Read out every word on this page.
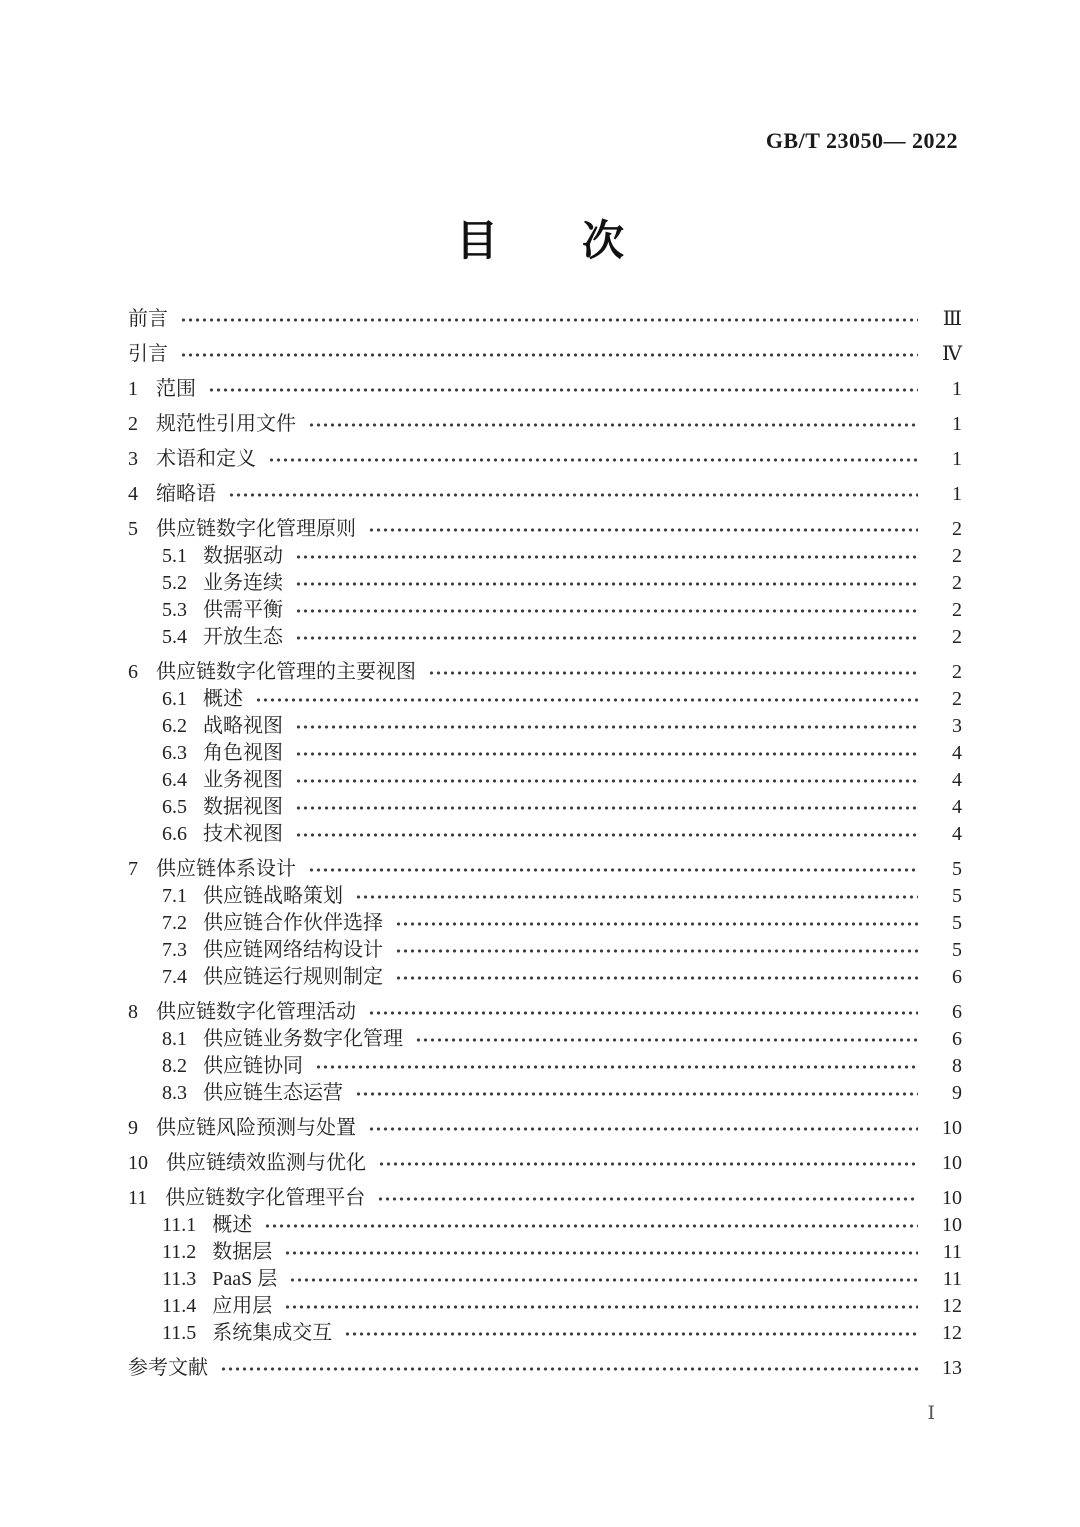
GB/T 23050— 2022
目　　次
前言	Ⅲ
引言	Ⅳ
1 范围	1
2 规范性引用文件	1
3 术语和定义	1
4 缩略语	1
5 供应链数字化管理原则	2
5.1 数据驱动	2
5.2 业务连续	2
5.3 供需平衡	2
5.4 开放生态	2
6 供应链数字化管理的主要视图	2
6.1 概述	2
6.2 战略视图	3
6.3 角色视图	4
6.4 业务视图	4
6.5 数据视图	4
6.6 技术视图	4
7 供应链体系设计	5
7.1 供应链战略策划	5
7.2 供应链合作伙伴选择	5
7.3 供应链网络结构设计	5
7.4 供应链运行规则制定	6
8 供应链数字化管理活动	6
8.1 供应链业务数字化管理	6
8.2 供应链协同	8
8.3 供应链生态运营	9
9 供应链风险预测与处置	10
10 供应链绩效监测与优化	10
11 供应链数字化管理平台	10
11.1 概述	10
11.2 数据层	11
11.3 PaaS 层	11
11.4 应用层	12
11.5 系统集成交互	12
参考文献	13
Ⅰ
